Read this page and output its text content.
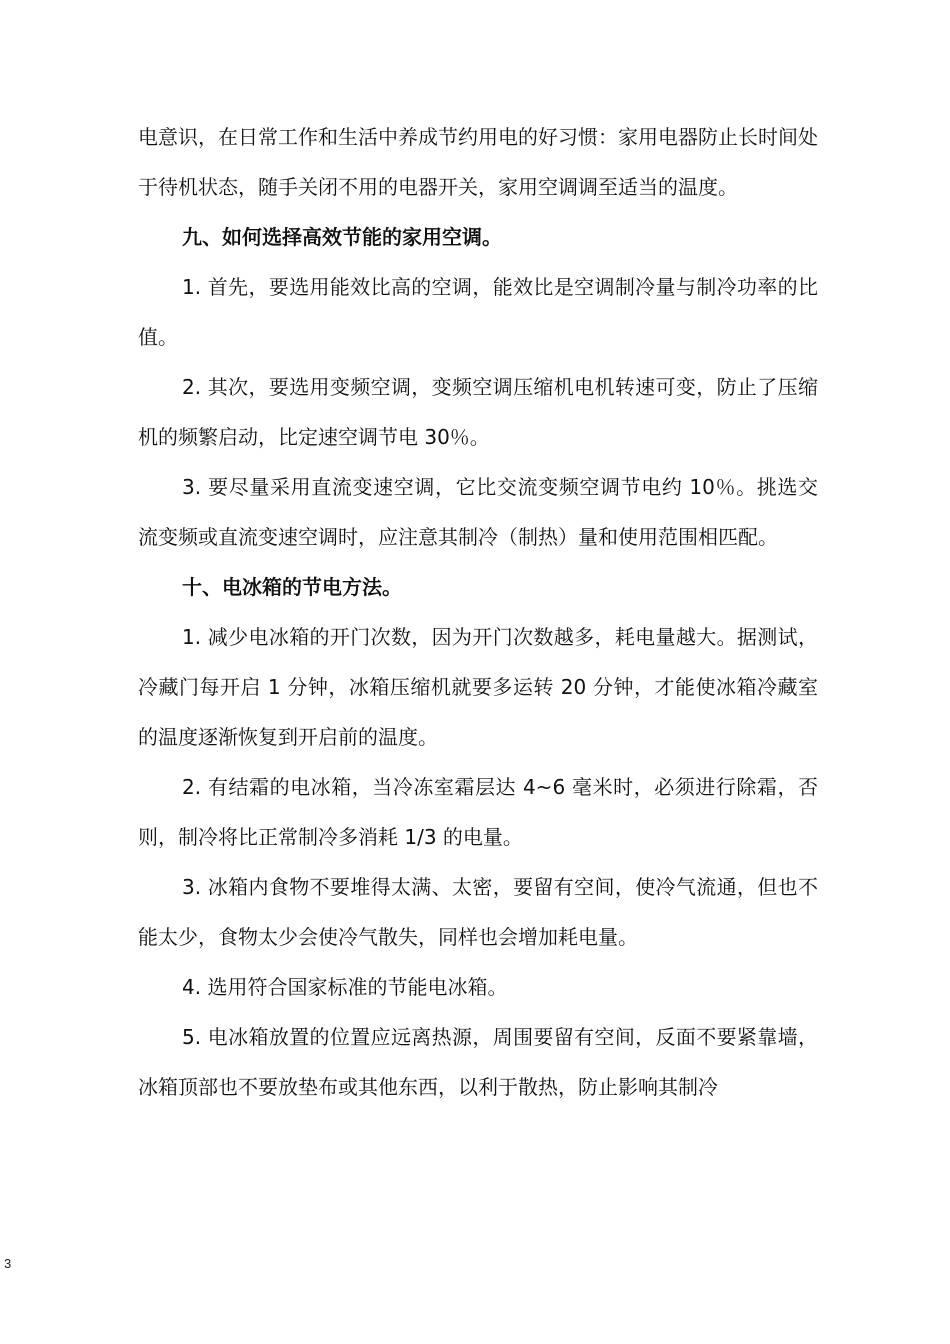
电意识，在日常工作和生活中养成节约用电的好习惯：家用电器防止长时间处于待机状态，随手关闭不用的电器开关，家用空调调至适当的温度。

九、如何选择高效节能的家用空调。

1. 首先，要选用能效比高的空调，能效比是空调制冷量与制冷功率的比值。

2. 其次，要选用变频空调，变频空调压缩机电机转速可变，防止了压缩机的频繁启动，比定速空调节电 30％。

3. 要尽量采用直流变速空调，它比交流变频空调节电约 10％。挑选交流变频或直流变速空调时，应注意其制冷（制热）量和使用范围相匹配。

十、电冰箱的节电方法。

1. 减少电冰箱的开门次数，因为开门次数越多，耗电量越大。据测试，冷藏门每开启 1 分钟，冰箱压缩机就要多运转 20 分钟，才能使冰箱冷藏室的温度逐渐恢复到开启前的温度。

2. 有结霜的电冰箱，当冷冻室霜层达 4~6 毫米时，必须进行除霜，否则，制冷将比正常制冷多消耗 1/3 的电量。

3. 冰箱内食物不要堆得太满、太密，要留有空间，使冷气流通，但也不能太少，食物太少会使冷气散失，同样也会增加耗电量。

4. 选用符合国家标准的节能电冰箱。

5. 电冰箱放置的位置应远离热源，周围要留有空间，反面不要紧靠墙，冰箱顶部也不要放垫布或其他东西，以利于散热，防止影响其制冷

3
